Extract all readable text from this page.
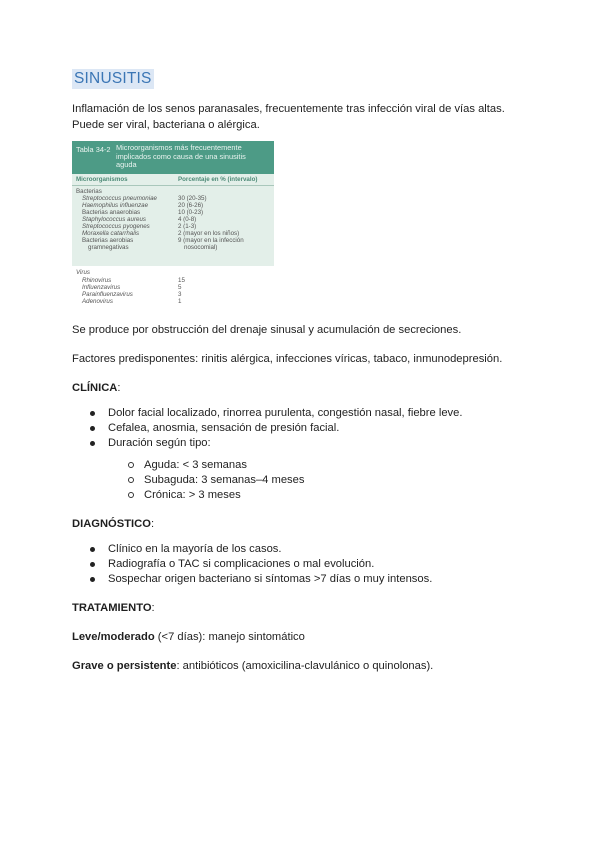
SINUSITIS
Inflamación de los senos paranasales, frecuentemente tras infección viral de vías altas.
Puede ser viral, bacteriana o alérgica.
Se produce por obstrucción del drenaje sinusal y acumulación de secreciones.
Factores predisponentes: rinitis alérgica, infecciones víricas, tabaco, inmunodepresión.
CLÍNICA:
Dolor facial localizado, rinorrea purulenta, congestión nasal, fiebre leve.
Cefalea, anosmia, sensación de presión facial.
Duración según tipo:
Aguda: < 3 semanas
Subaguda: 3 semanas–4 meses
Crónica: > 3 meses
DIAGNÓSTICO:
Clínico en la mayoría de los casos.
Radiografía o TAC si complicaciones o mal evolución.
Sospechar origen bacteriano si síntomas >7 días o muy intensos.
TRATAMIENTO:
Leve/moderado (<7 días): manejo sintomático
Grave o persistente: antibióticos (amoxicilina-clavulánico o quinolonas).
Tabla 34-2 Microorganismos más frecuentemente implicados como causa de una sinusitis aguda
Microorganismos	Porcentaje en % (intervalo)
Bacterias
Streptococcus pneumoniae	30 (20-35)
Haemophilus influenzae	20 (6-26)
Bacterias anaerobias	10 (0-23)
Staphylococcus aureus	4 (0-8)
Streptococcus pyogenes	2 (1-3)
Moraxella catarrhalis	2 (mayor en los niños)
Bacterias aerobias	9 (mayor en la infección
gramnegativas	nosocomial)
Virus
Rhinovirus	15
Influenzavirus	5
Parainfluenzavirus	3
Adenovirus	1
